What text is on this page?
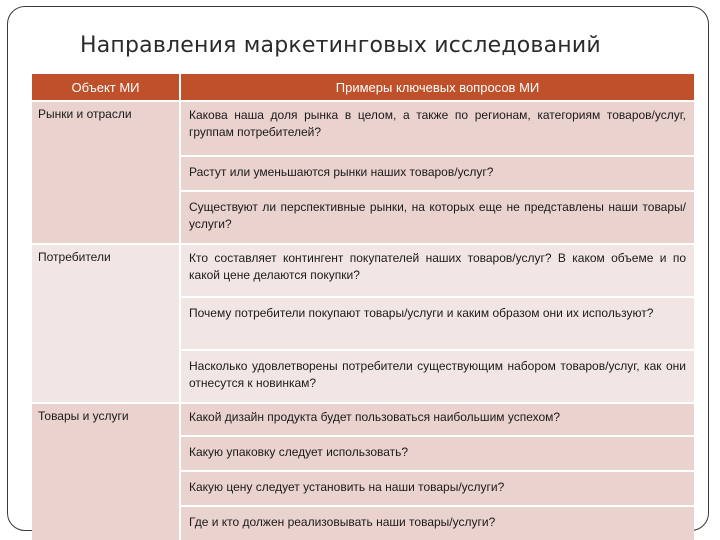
Направления маркетинговых исследований
Объект МИ	Примеры ключевых вопросов МИ
Рынки и отрасли	Какова наша доля рынка в целом, а также по регионам, категориям товаров/услуг, группам потребителей?

	Растут или уменьшаются рынки наших товаров/услуг?

	Существуют ли перспективные рынки, на которых еще не представлены наши товары/услуги?

Потребители	Кто составляет контингент покупателей наших товаров/услуг? В каком объеме и по какой цене делаются покупки?

	Почему потребители покупают товары/услуги и каким образом они их используют?

	Насколько удовлетворены потребители существующим набором товаров/услуг, как они отнесутся к новинкам?

Товары и услуги	Какой дизайн продукта будет пользоваться наибольшим успехом?

	Какую упаковку следует использовать?

	Какую цену следует установить на наши товары/услуги?

	Где и кто должен реализовывать наши товары/услуги?
